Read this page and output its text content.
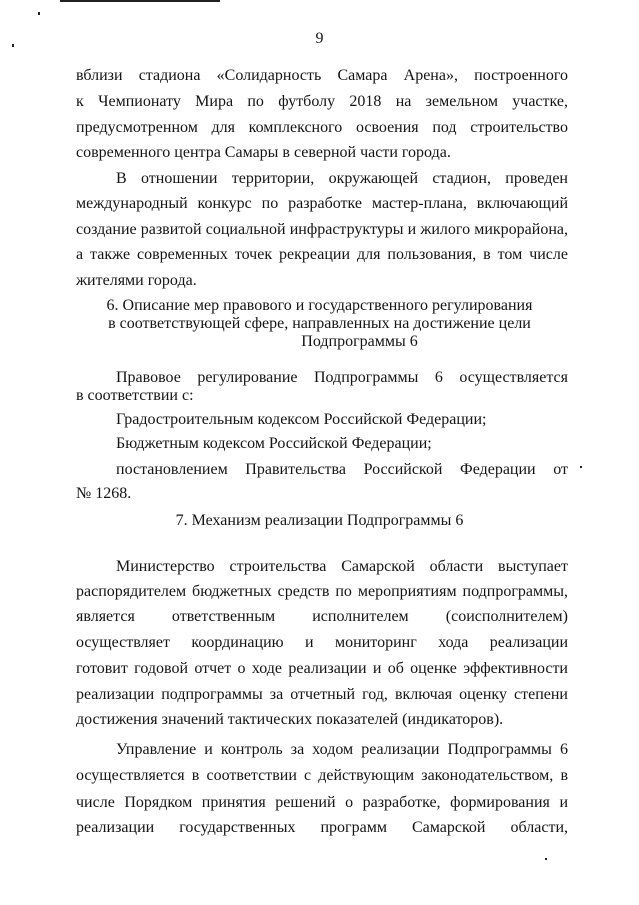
9
вблизи стадиона «Солидарность Самара Арена», построенного
к Чемпионату Мира по футболу 2018 на земельном участке,
предусмотренном для комплексного освоения под строительство
современного центра Самары в северной части города.
В отношении территории, окружающей стадион, проведен
международный конкурс по разработке мастер-плана, включающий
создание развитой социальной инфраструктуры и жилого микрорайона,
а также современных точек рекреации для пользования, в том числе
жителями города.
6. Описание мер правового и государственного регулирования
в соответствующей сфере, направленных на достижение цели
Подпрограммы 6
Правовое регулирование Подпрограммы 6 осуществляется
в соответствии с:
Градостроительным кодексом Российской Федерации;
Бюджетным кодексом Российской Федерации;
постановлением Правительства Российской Федерации от
№ 1268.
7. Механизм реализации Подпрограммы 6
Министерство строительства Самарской области выступает
распорядителем бюджетных средств по мероприятиям подпрограммы,
является ответственным исполнителем (соисполнителем)
осуществляет координацию и мониторинг хода реализации
готовит годовой отчет о ходе реализации и об оценке эффективности
реализации подпрограммы за отчетный год, включая оценку степени
достижения значений тактических показателей (индикаторов).
Управление и контроль за ходом реализации Подпрограммы 6
осуществляется в соответствии с действующим законодательством, в
числе Порядком принятия решений о разработке, формирования и
реализации государственных программ Самарской области,
